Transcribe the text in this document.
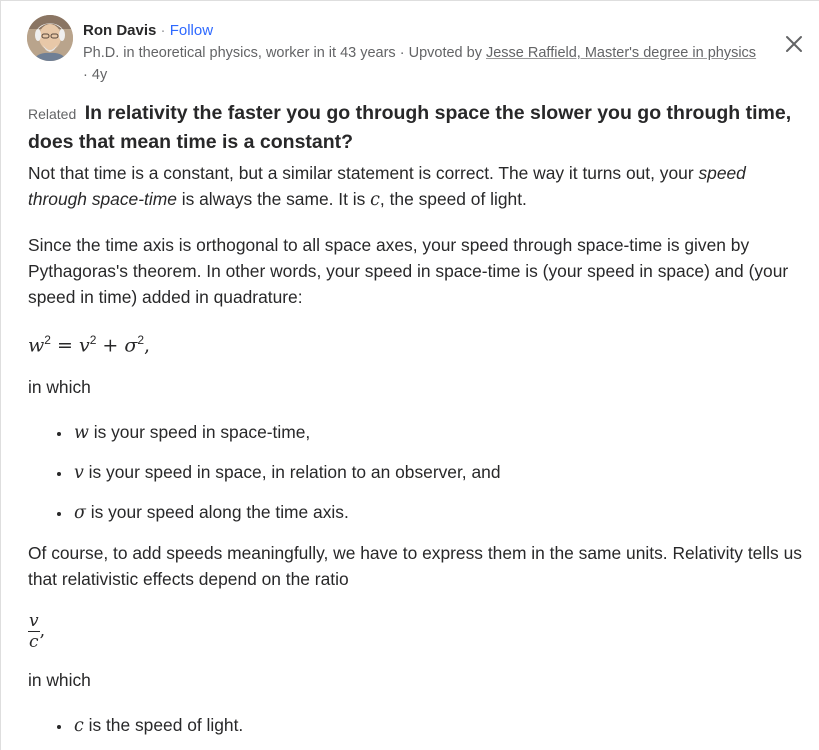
Ron Davis · Follow
Ph.D. in theoretical physics, worker in it 43 years · Upvoted by Jesse Raffield, Master's degree in physics
· 4y
Related In relativity the faster you go through space the slower you go through time, does that mean time is a constant?

Not that time is a constant, but a similar statement is correct. The way it turns out, your speed through space-time is always the same. It is c, the speed of light.

Since the time axis is orthogonal to all space axes, your speed through space-time is given by Pythagoras's theorem. In other words, your speed in space-time is (your speed in space) and (your speed in time) added in quadrature:

$w^2 = v^2 + \sigma^2$,

in which

• w is your speed in space-time,
• v is your speed in space, in relation to an observer, and
• σ is your speed along the time axis.

Of course, to add speeds meaningfully, we have to express them in the same units. Relativity tells us that relativistic effects depend on the ratio

$\frac{v}{c}$ ,

in which

• c is the speed of light.
